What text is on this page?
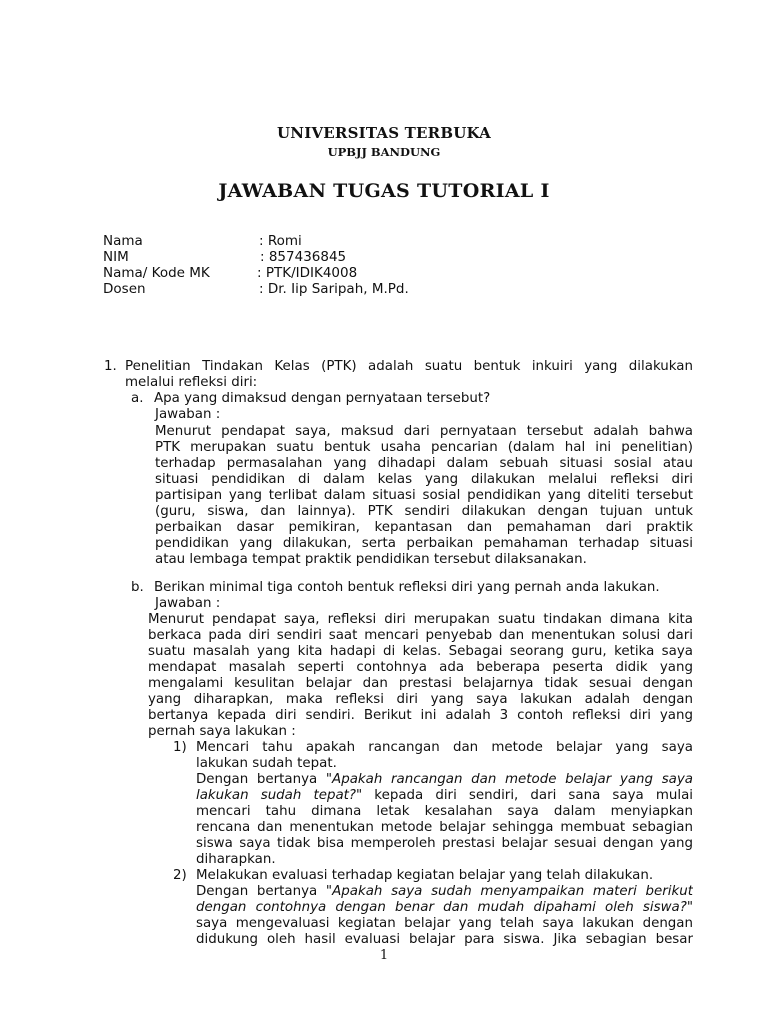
UNIVERSITAS TERBUKA
UPBJJ BANDUNG
JAWABAN TUGAS TUTORIAL I
Nama	: Romi
NIM	: 857436845
Nama/ Kode MK	: PTK/IDIK4008
Dosen	: Dr. Iip Saripah, M.Pd.
1. Penelitian Tindakan Kelas (PTK) adalah suatu bentuk inkuiri yang dilakukan
melalui refleksi diri:
a. Apa yang dimaksud dengan pernyataan tersebut?
Jawaban :
Menurut pendapat saya, maksud dari pernyataan tersebut adalah bahwa
PTK merupakan suatu bentuk usaha pencarian (dalam hal ini penelitian)
terhadap permasalahan yang dihadapi dalam sebuah situasi sosial atau
situasi pendidikan di dalam kelas yang dilakukan melalui refleksi diri
partisipan yang terlibat dalam situasi sosial pendidikan yang diteliti tersebut
(guru, siswa, dan lainnya). PTK sendiri dilakukan dengan tujuan untuk
perbaikan dasar pemikiran, kepantasan dan pemahaman dari praktik
pendidikan yang dilakukan, serta perbaikan pemahaman terhadap situasi
atau lembaga tempat praktik pendidikan tersebut dilaksanakan.
b. Berikan minimal tiga contoh bentuk refleksi diri yang pernah anda lakukan.
Jawaban :
Menurut pendapat saya, refleksi diri merupakan suatu tindakan dimana kita
berkaca pada diri sendiri saat mencari penyebab dan menentukan solusi dari
suatu masalah yang kita hadapi di kelas. Sebagai seorang guru, ketika saya
mendapat masalah seperti contohnya ada beberapa peserta didik yang
mengalami kesulitan belajar dan prestasi belajarnya tidak sesuai dengan
yang diharapkan, maka refleksi diri yang saya lakukan adalah dengan
bertanya kepada diri sendiri. Berikut ini adalah 3 contoh refleksi diri yang
pernah saya lakukan :
1) Mencari tahu apakah rancangan dan metode belajar yang saya
lakukan sudah tepat.
Dengan bertanya "Apakah rancangan dan metode belajar yang saya
lakukan sudah tepat?" kepada diri sendiri, dari sana saya mulai
mencari tahu dimana letak kesalahan saya dalam menyiapkan
rencana dan menentukan metode belajar sehingga membuat sebagian
siswa saya tidak bisa memperoleh prestasi belajar sesuai dengan yang
diharapkan.
2) Melakukan evaluasi terhadap kegiatan belajar yang telah dilakukan.
Dengan bertanya "Apakah saya sudah menyampaikan materi berikut
dengan contohnya dengan benar dan mudah dipahami oleh siswa?"
saya mengevaluasi kegiatan belajar yang telah saya lakukan dengan
didukung oleh hasil evaluasi belajar para siswa. Jika sebagian besar
1
